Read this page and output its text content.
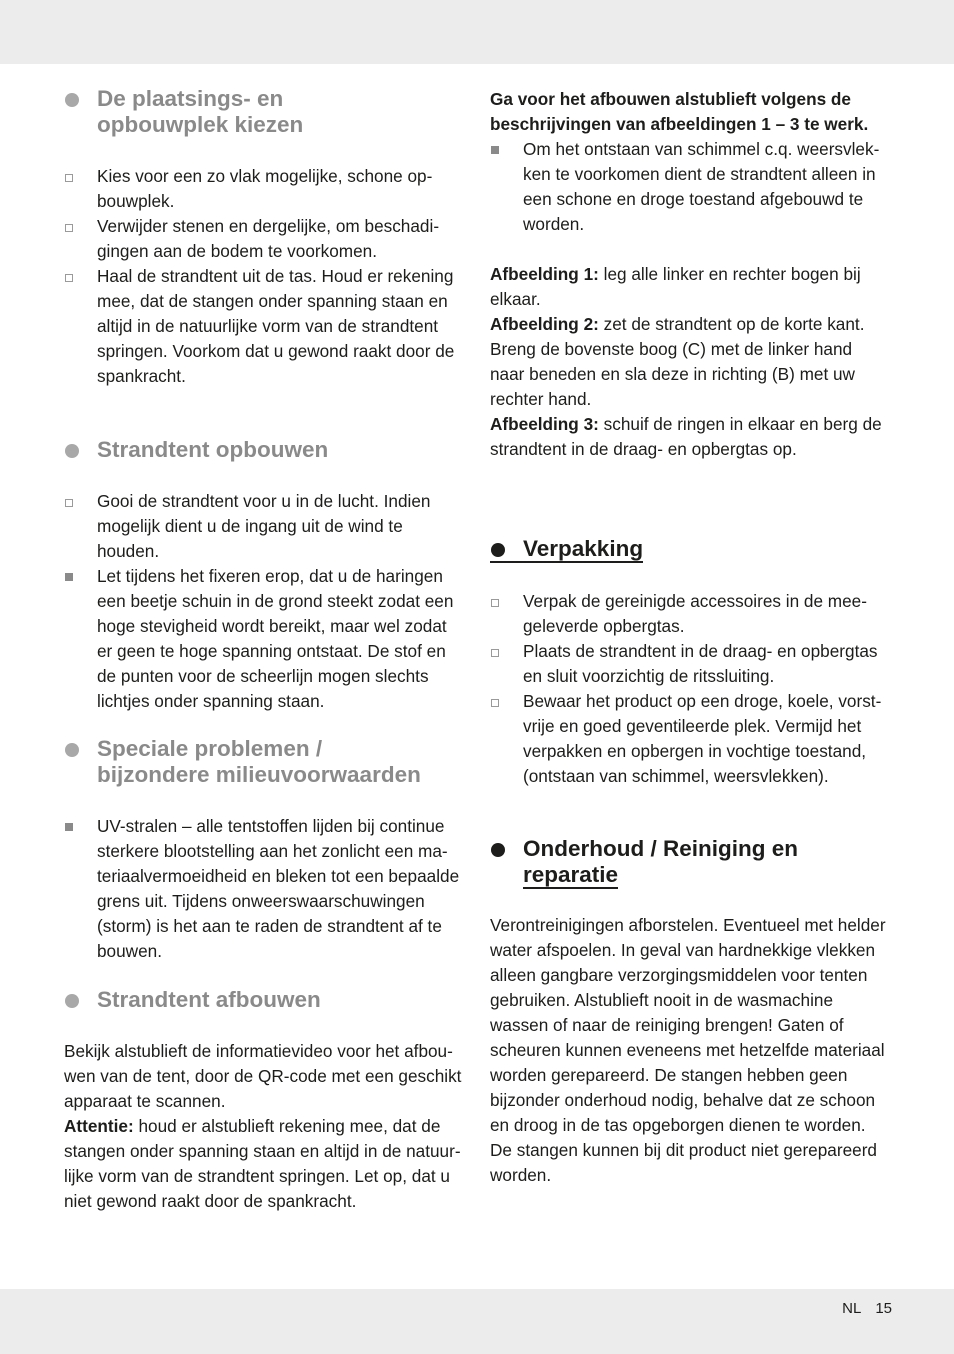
De plaatsings- en
opbouwplek kiezen
Kies voor een zo vlak mogelijke, schone opbouwplek.
Verwijder stenen en dergelijke, om beschadigingen aan de bodem te voorkomen.
Haal de strandtent uit de tas. Houd er rekening mee, dat de stangen onder spanning staan en altijd in de natuurlijke vorm van de strandtent springen. Voorkom dat u gewond raakt door de spankracht.
Strandtent opbouwen
Gooi de strandtent voor u in de lucht. Indien mogelijk dient u de ingang uit de wind te houden.
Let tijdens het fixeren erop, dat u de haringen een beetje schuin in de grond steekt zodat een hoge stevigheid wordt bereikt, maar wel zodat er geen te hoge spanning ontstaat. De stof en de punten voor de scheerlijn mogen slechts lichtjes onder spanning staan.
Speciale problemen /
bijzondere milieuvoorwaarden
UV-stralen – alle tentstoffen lijden bij continue sterkere blootstelling aan het zonlicht een materiaalvermoeidheid en bleken tot een bepaalde grens uit. Tijdens onweerswaarschuwingen (storm) is het aan te raden de strandtent af te bouwen.
Strandtent afbouwen

Bekijk alstublieft de informatievideo voor het afbouwen van de tent, door de QR-code met een geschikt apparaat te scannen.

Attentie: houd er alstublieft rekening mee, dat de stangen onder spanning staan en altijd in de natuurlijke vorm van de strandtent springen. Let op, dat u niet gewond raakt door de spankracht.

Ga voor het afbouwen alstublieft volgens de beschrijvingen van afbeeldingen 1 – 3 te werk.

Om het ontstaan van schimmel c.q. weersvlekken te voorkomen dient de strandtent alleen in een schone en droge toestand afgebouwd te worden.

Afbeelding 1: leg alle linker en rechter bogen bij elkaar.

Afbeelding 2: zet de strandtent op de korte kant. Breng de bovenste boog (C) met de linker hand naar beneden en sla deze in richting (B) met uw rechter hand.

Afbeelding 3: schuif de ringen in elkaar en berg de strandtent in de draag- en opbergtas op.

Verpakking
Verpak de gereinigde accessoires in de meegeleverde opbergtas.
Plaats de strandtent in de draag- en opbergtas en sluit voorzichtig de ritssluiting.
Bewaar het product op een droge, koele, vorstvrije en goed geventileerde plek. Vermijd het verpakken en opbergen in vochtige toestand, (ontstaan van schimmel, weersvlekken).
Onderhoud / Reiniging en
reparatie

Verontreinigingen afborstelen. Eventueel met helder water afspoelen. In geval van hardnekkige vlekken alleen gangbare verzorgingsmiddelen voor tenten gebruiken. Alstublieft nooit in de wasmachine wassen of naar de reiniging brengen! Gaten of scheuren kunnen eveneens met hetzelfde materiaal worden gerepareerd. De stangen hebben geen bijzonder onderhoud nodig, behalve dat ze schoon en droog in de tas opgeborgen dienen te worden. De stangen kunnen bij dit product niet gerepareerd worden.

NL 15
